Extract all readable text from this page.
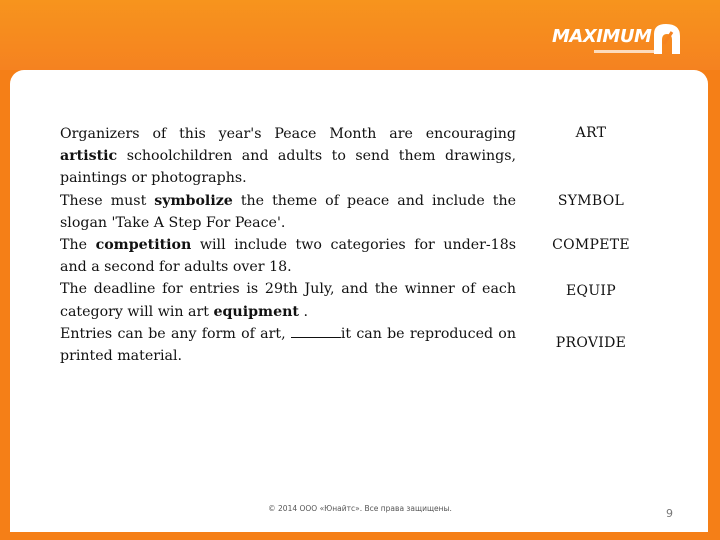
MAXIMUM

Organizers of this year's Peace Month are encouraging artistic schoolchildren and adults to send them drawings, paintings or photographs.

These must symbolize the theme of peace and include the slogan 'Take A Step For Peace'.

The competition will include two categories for under-18s and a second for adults over 18.

The deadline for entries is 29th July, and the winner of each category will win art equipment .

Entries can be any form of art,	it can be reproduced on printed material.

ART
SYMBOL
COMPETE
EQUIP
PROVIDE
© 2014 ООО «Юнайтс». Все права защищены.	9
